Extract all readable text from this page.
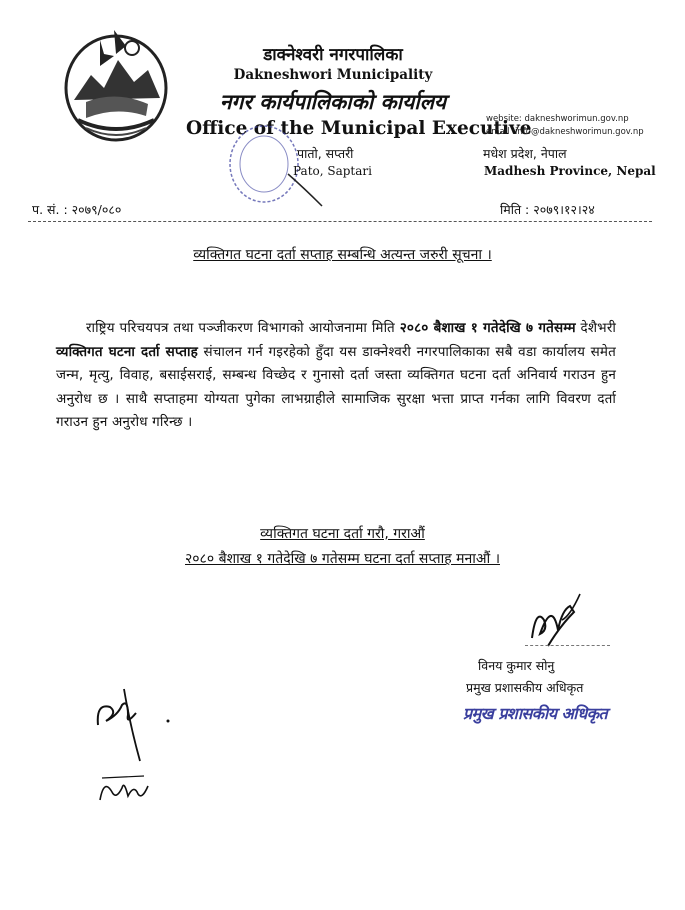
डाक्नेश्वरी नगरपालिका
Dakneshwori Municipality
नगर कार्यपालिकाको कार्यालय
Office of the Municipal Executive
website: dakneshworimun.gov.np
email :info@dakneshworimun.gov.np
पातो, सप्तरी
Pato, Saptari
मधेश प्रदेश, नेपाल
Madhesh Province, Nepal
प. सं. : २०७९/०८०	मिति : २०७९।१२।२४
व्यक्तिगत घटना दर्ता सप्ताह सम्बन्धि अत्यन्त जरुरी सूचना ।
राष्ट्रिय परिचयपत्र तथा पञ्जीकरण विभागको आयोजनामा मिति २०८० बैशाख १ गतेदेखि ७ गतेसम्म देशैभरी व्यक्तिगत घटना दर्ता सप्ताह संचालन गर्न गइरहेको हुँदा यस डाक्नेश्वरी नगरपालिकाका सबै वडा कार्यालय समेत जन्म, मृत्यु, विवाह, बसाईसराई, सम्बन्ध विच्छेद र गुनासो दर्ता जस्ता व्यक्तिगत घटना दर्ता अनिवार्य गराउन हुन अनुरोध छ । साथै सप्ताहमा योग्यता पुगेका लाभग्राहीले सामाजिक सुरक्षा भत्ता प्राप्त गर्नका लागि विवरण दर्ता गराउन हुन अनुरोध गरिन्छ ।
व्यक्तिगत घटना दर्ता गरौ, गराऔं
२०८० बैशाख १ गतेदेखि ७ गतेसम्म घटना दर्ता सप्ताह मनाऔं ।
विनय कुमार सोनु
प्रमुख प्रशासकीय अधिकृत
प्रमुख प्रशासकीय अधिकृत
